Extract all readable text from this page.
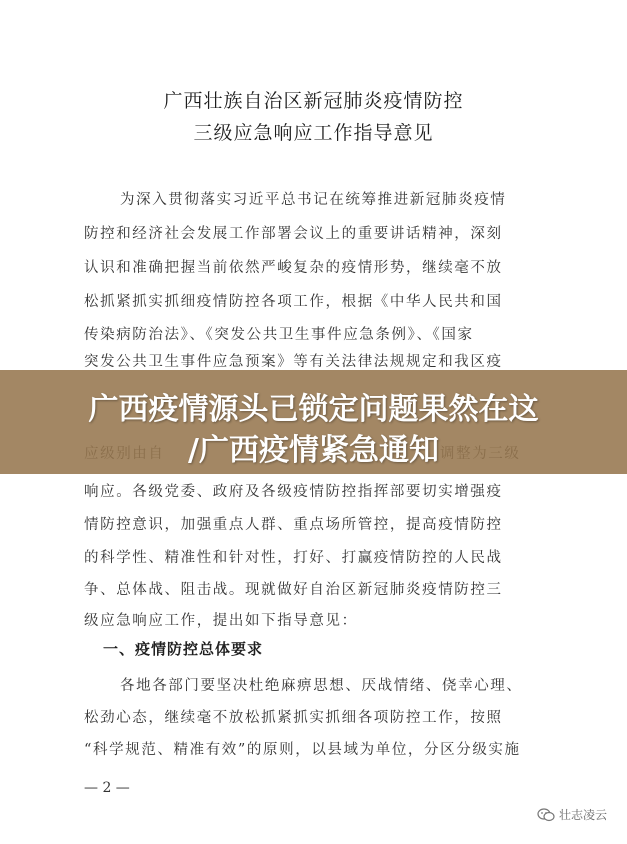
广西壮族自治区新冠肺炎疫情防控
三级应急响应工作指导意见
为深入贯彻落实习近平总书记在统筹推进新冠肺炎疫情
防控和经济社会发展工作部署会议上的重要讲话精神，深刻
认识和准确把握当前依然严峻复杂的疫情形势，继续毫不放
松抓紧抓实抓细疫情防控各项工作，根据《中华人民共和国
传染病防治法》、《突发公共卫生事件应急条例》、《国家
突发公共卫生事件应急预案》等有关法律法规规定和我区疫
响应。各级党委、政府及各级疫情防控指挥部要切实增强疫
情防控意识，加强重点人群、重点场所管控，提高疫情防控
的科学性、精准性和针对性，打好、打赢疫情防控的人民战
争、总体战、阻击战。现就做好自治区新冠肺炎疫情防控三
级应急响应工作，提出如下指导意见：
一、疫情防控总体要求
各地各部门要坚决杜绝麻痹思想、厌战情绪、侥幸心理、
松劲心态，继续毫不放松抓紧抓实抓细各项防控工作，按照
“科学规范、精准有效”的原则，以县域为单位，分区分级实施
— 2 —
广西疫情源头已锁定问题果然在这
/广西疫情紧急通知
壮志凌云
